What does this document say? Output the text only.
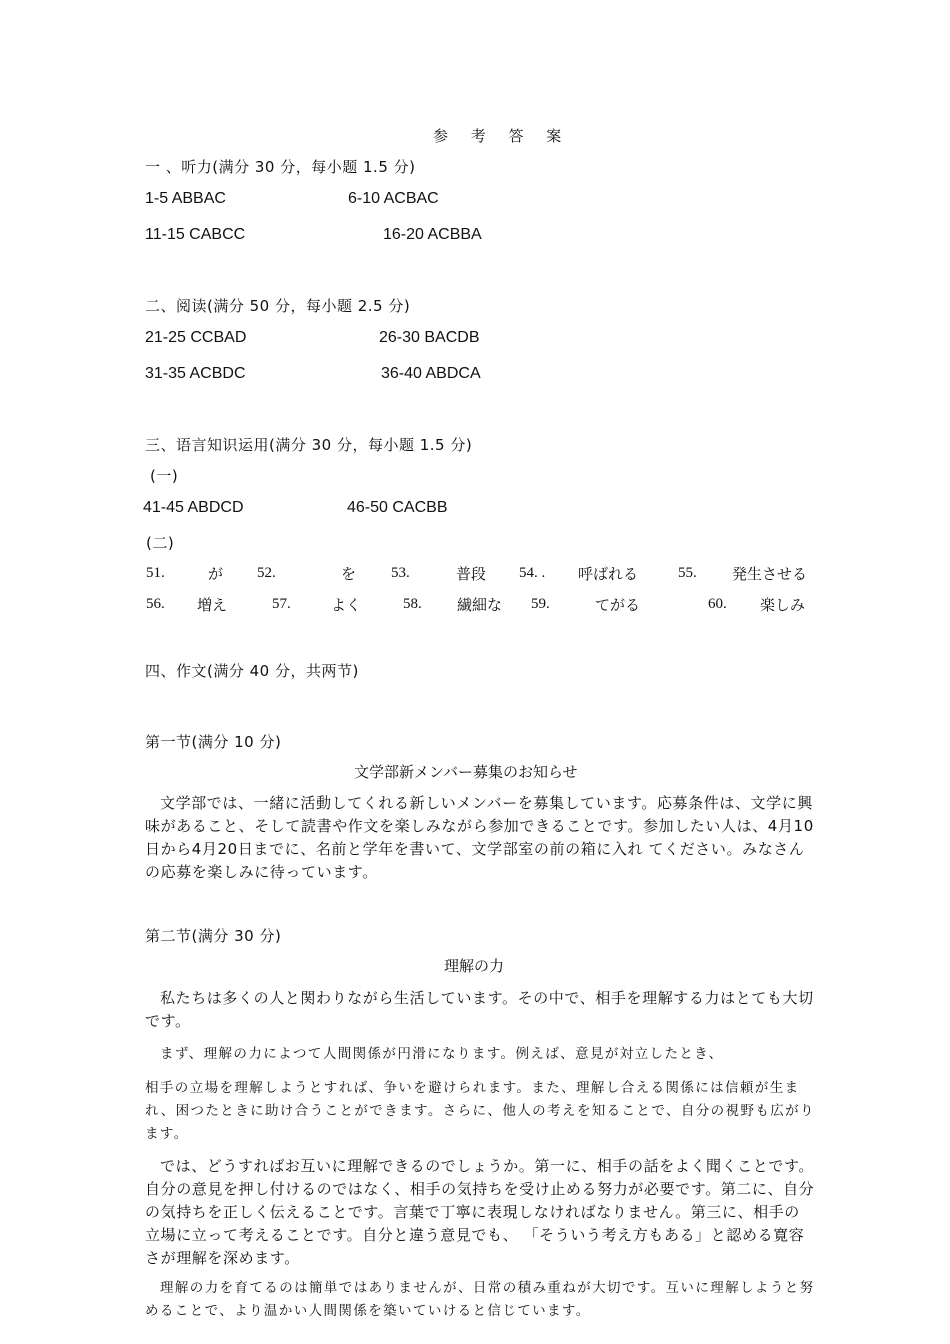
参 考 答 案
一 、听力(满分 30 分，每小题 1.5 分)
1-5 ABBAC	6-10 ACBAC
11-15 CABCC	16-20 ACBBA
二、阅读(满分 50 分，每小题 2.5 分)
21-25 CCBAD	26-30 BACDB
31-35 ACBDC	36-40 ABDCA
三、语言知识运用(满分 30 分，每小题 1.5 分)
(一)
41-45 ABDCD	46-50 CACBB
(二)
51.	が 52.	を 53.	普段 54. . 呼ばれる	55. 発生させる
56. 増え	57.	よく	58. 繊細な 59.	てがる	60. 楽しみ
四、作文(满分 40 分，共两节)
第一节(满分 10 分)
文学部新メンバー募集のお知らせ
文学部では、一緒に活動してくれる新しいメンバーを募集しています。応募条件は、文学に興味があること、そして読書や作文を楽しみながら参加できることです。参加したい人は、4月10日から4月20日までに、名前と学年を書いて、文学部室の前の箱に入れ てください。みなさんの応募を楽しみに待っています。
第二节(满分 30 分)
理解の力
私たちは多くの人と関わりながら生活しています。その中で、相手を理解する力はとても大切です。
まず、理解の力によつて人間関係が円滑になります。例えば、意見が対立したとき、
相手の立場を理解しようとすれば、争いを避けられます。また、理解し合える関係には信頼が生まれ、困つたときに助け合うことができます。さらに、他人の考えを知ることで、自分の視野も広がります。
では、どうすればお互いに理解できるのでしょうか。第一に、相手の話をよく聞くことです。自分の意見を押し付けるのではなく、相手の気持ちを受け止める努力が必要です。第二に、自分の気持ちを正しく伝えることです。言葉で丁寧に表現しなければなりません。第三に、相手の立場に立って考えることです。自分と違う意見でも、 「そういう考え方もある」と認める寛容さが理解を深めます。
理解の力を育てるのは簡単ではありませんが、日常の積み重ねが大切です。互いに理解しようと努めることで、より温かい人間関係を築いていけると信じています。
